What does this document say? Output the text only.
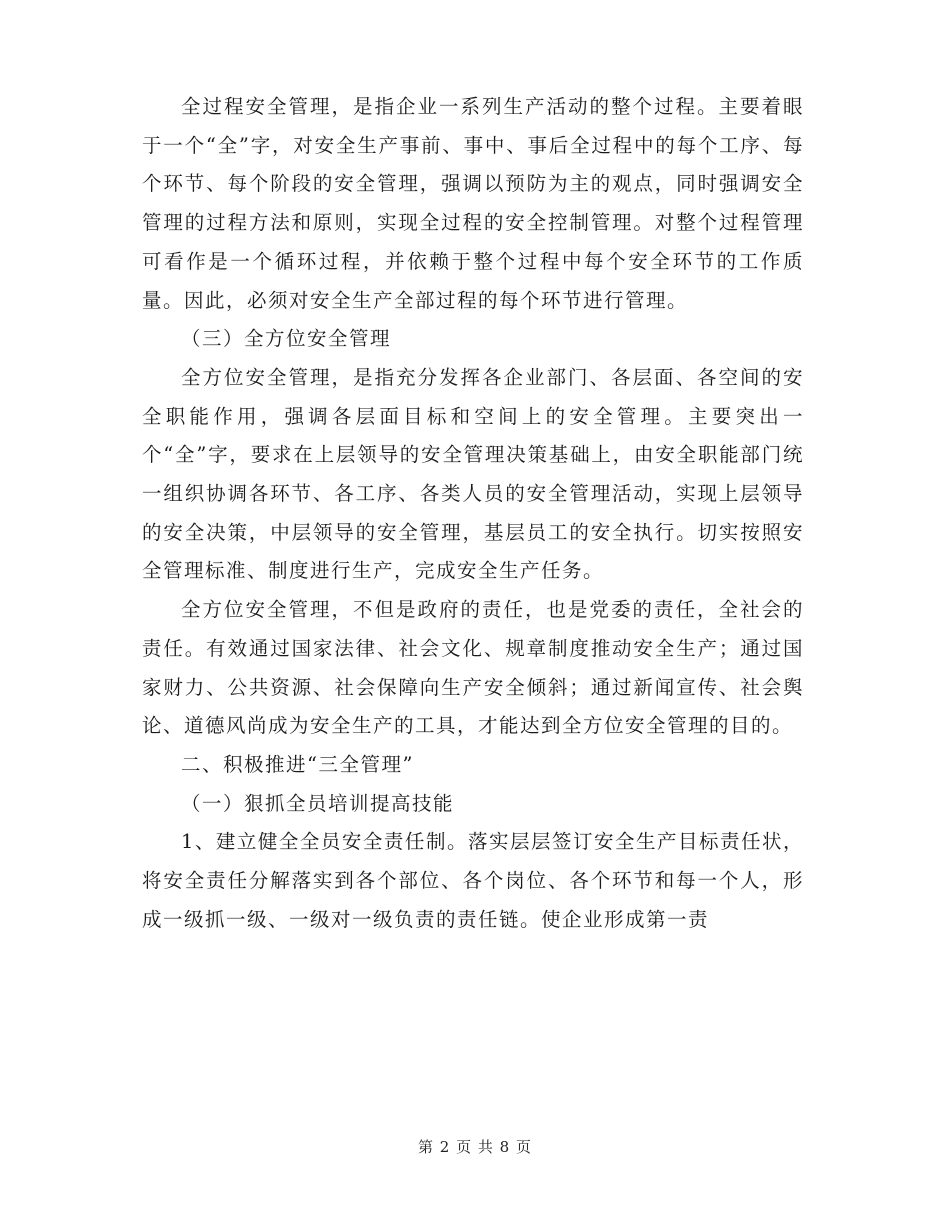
全过程安全管理，是指企业一系列生产活动的整个过程。主要着眼于一个“全”字，对安全生产事前、事中、事后全过程中的每个工序、每个环节、每个阶段的安全管理，强调以预防为主的观点，同时强调安全管理的过程方法和原则，实现全过程的安全控制管理。对整个过程管理可看作是一个循环过程，并依赖于整个过程中每个安全环节的工作质量。因此，必须对安全生产全部过程的每个环节进行管理。

（三）全方位安全管理

全方位安全管理，是指充分发挥各企业部门、各层面、各空间的安全职能作用，强调各层面目标和空间上的安全管理。主要突出一个“全”字，要求在上层领导的安全管理决策基础上，由安全职能部门统一组织协调各环节、各工序、各类人员的安全管理活动，实现上层领导的安全决策，中层领导的安全管理，基层员工的安全执行。切实按照安全管理标准、制度进行生产，完成安全生产任务。

全方位安全管理，不但是政府的责任，也是党委的责任，全社会的责任。有效通过国家法律、社会文化、规章制度推动安全生产；通过国家财力、公共资源、社会保障向生产安全倾斜；通过新闻宣传、社会舆论、道德风尚成为安全生产的工具，才能达到全方位安全管理的目的。

二、积极推进“三全管理”

（一）狠抓全员培训提高技能

1、建立健全全员安全责任制。落实层层签订安全生产目标责任状，将安全责任分解落实到各个部位、各个岗位、各个环节和每一个人，形成一级抓一级、一级对一级负责的责任链。使企业形成第一责

第 2 页 共 8 页
